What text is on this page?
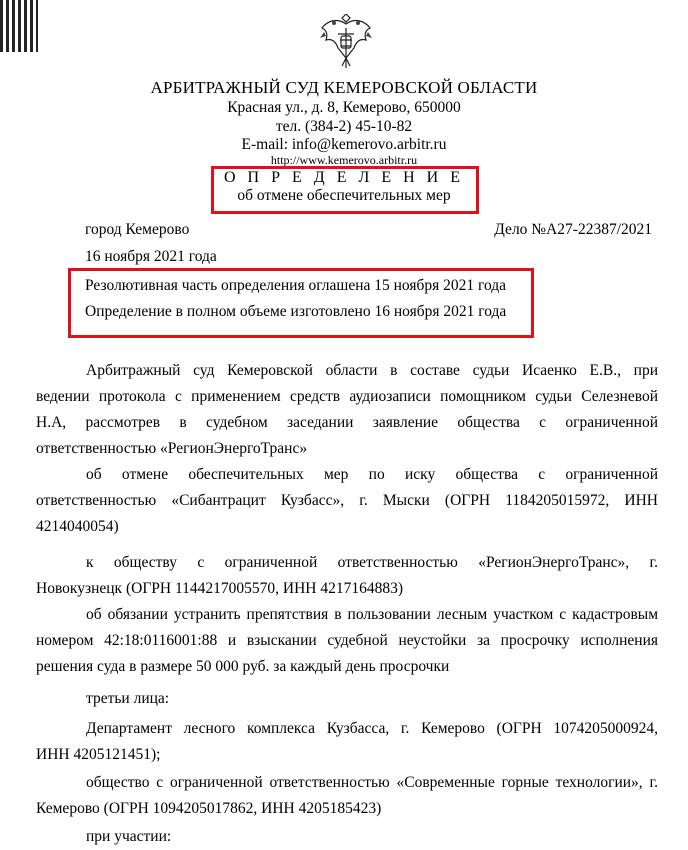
АРБИТРАЖНЫЙ СУД КЕМЕРОВСКОЙ ОБЛАСТИ
Красная ул., д. 8, Кемерово, 650000
тел. (384-2) 45-10-82
E-mail: info@kemerovo.arbitr.ru
http://www.kemerovo.arbitr.ru
О П Р Е Д Е Л Е Н И Е
об отмене обеспечительных мер
город Кемерово	Дело №А27-22387/2021
16 ноября 2021 года
Резолютивная часть определения оглашена 15 ноября 2021 года
Определение в полном объеме изготовлено 16 ноября 2021 года
Арбитражный суд Кемеровской области в составе судьи Исаенко Е.В., при
ведении протокола с применением средств аудиозаписи помощником судьи Селезневой
Н.А, рассмотрев в судебном заседании заявление общества с ограниченной
ответственностью «РегионЭнергоТранс»
об отмене обеспечительных мер по иску общества с ограниченной
ответственностью «Сибантрацит Кузбасс», г. Мыски (ОГРН 1184205015972, ИНН
4214040054)
к обществу с ограниченной ответственностью «РегионЭнергоТранс», г.
Новокузнецк (ОГРН 1144217005570, ИНН 4217164883)
об обязании устранить препятствия в пользовании лесным участком с кадастровым
номером 42:18:0116001:88 и взыскании судебной неустойки за просрочку исполнения
решения суда в размере 50 000 руб. за каждый день просрочки
третьи лица:
Департамент лесного комплекса Кузбасса, г. Кемерово (ОГРН 1074205000924,
ИНН 4205121451);
общество с ограниченной ответственностью «Современные горные технологии», г.
Кемерово (ОГРН 1094205017862, ИНН 4205185423)
при участии:
